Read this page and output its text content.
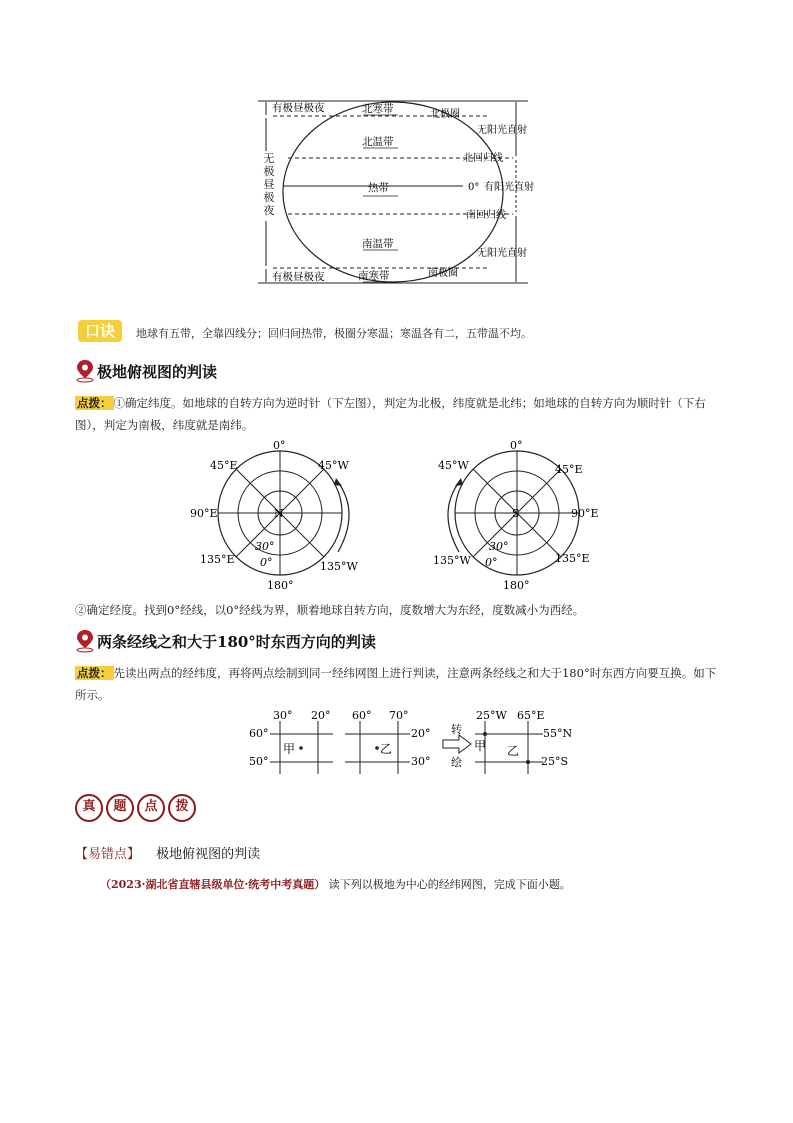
有极昼极夜
有极昼极夜
北寒带
北温带
热带
南温带
南寒带
北极圈
北回归线
0°
南回归线
南极圈
无阳光直射
有阳光直射
无阳光直射
无极昼极夜
口诀	地球有五带，全靠四线分；回归间热带，极圈分寒温；寒温各有二，五带温不均。
极地俯视图的判读
点拨： ①确定纬度。如地球的自转方向为逆时针（下左图），判定为北极，纬度就是北纬；如地球的自转方向为顺时针（下右图），判定为南极，纬度就是南纬。
N
0°
180°
90°E
45°E	45°W
135°E
135°W
30°
0°
S
0°
180°
90°E
45°W	45°E
135°W	135°E
30°
0°
②确定经度。找到0°经线，以0°经线为界，顺着地球自转方向，度数增大为东经，度数减小为西经。
两条经线之和大于180°时东西方向的判读
点拨： 先读出两点的经纬度，再将两点绘制到同一经纬网图上进行判读，注意两条经线之和大于180°时东西方向要互换。如下所示。
30° 20°
60°
50°
甲
60° 70°
20°
30°
乙
转
绘
25°W 65°E
55°N
25°S
甲 乙
真	题	点	拨
【易错点】 极地俯视图的判读
（2023·湖北省直辖县级单位·统考中考真题） 读下列以极地为中心的经纬网图，完成下面小题。
